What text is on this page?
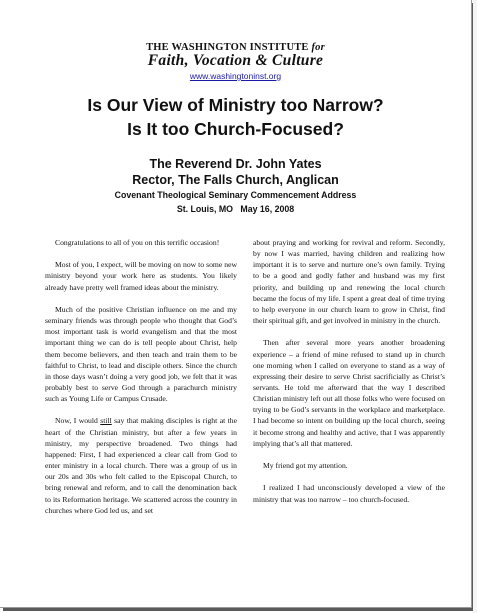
THE WASHINGTON INSTITUTE for
Faith, Vocation & Culture
www.washingtoninst.org
Is Our View of Ministry too Narrow?
Is It too Church-Focused?
The Reverend Dr. John Yates
Rector, The Falls Church, Anglican
Covenant Theological Seminary Commencement Address
St. Louis, MO   May 16, 2008

Congratulations to all of you on this terrific occasion!

Most of you, I expect, will be moving on now to some new ministry beyond your work here as students. You likely already have pretty well framed ideas about the ministry.

Much of the positive Christian influence on me and my seminary friends was through people who thought that God’s most important task is world evangelism and that the most important thing we can do is tell people about Christ, help them become believers, and then teach and train them to be faithful to Christ, to lead and disciple others. Since the church in those days wasn’t doing a very good job, we felt that it was probably best to serve God through a parachurch ministry such as Young Life or Campus Crusade.

Now, I would still say that making disciples is right at the heart of the Christian ministry, but after a few years in ministry, my perspective broadened. Two things had happened: First, I had experienced a clear call from God to enter ministry in a local church. There was a group of us in our 20s and 30s who felt called to the Episcopal Church, to bring renewal and reform, and to call the denomination back to its Reformation heritage. We scattered across the country in churches where God led us, and set

about praying and working for revival and reform. Secondly, by now I was married, having children and realizing how important it is to serve and nurture one’s own family. Trying to be a good and godly father and husband was my first priority, and building up and renewing the local church became the focus of my life. I spent a great deal of time trying to help everyone in our church learn to grow in Christ, find their spiritual gift, and get involved in ministry in the church.

Then after several more years another broadening experience – a friend of mine refused to stand up in church one morning when I called on everyone to stand as a way of expressing their desire to serve Christ sacrificially as Christ’s servants. He told me afterward that the way I described Christian ministry left out all those folks who were focused on trying to be God’s servants in the workplace and marketplace. I had become so intent on building up the local church, seeing it become strong and healthy and active, that I was apparently implying that’s all that mattered.

My friend got my attention.

I realized I had unconsciously developed a view of the ministry that was too narrow – too church-focused.
